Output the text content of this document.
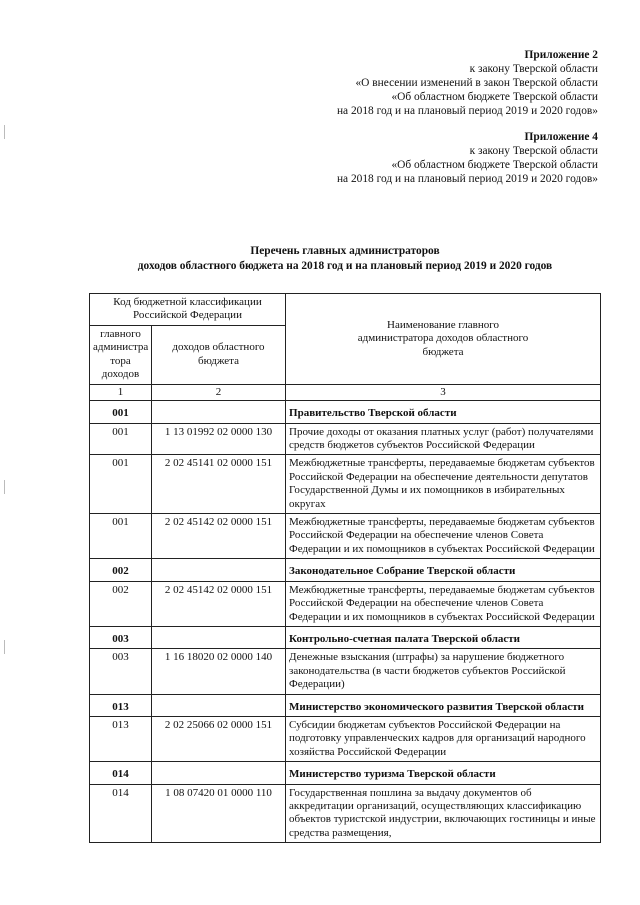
Приложение 2
к закону Тверской области
«О внесении изменений в закон Тверской области
«Об областном бюджете Тверской области
на 2018 год и на плановый период 2019 и 2020 годов»
Приложение 4
к закону Тверской области
«Об областном бюджете Тверской области
на 2018 год и на плановый период 2019 и 2020 годов»
Перечень главных администраторов
доходов областного бюджета на 2018 год и на плановый период 2019 и 2020 годов
Код бюджетной классификации Российской Федерации		Наименование главного администратора доходов областного бюджета

главного администра тора доходов	доходов областного бюджета	

1	2	3
001		Правительство Тверской области
001	1 13 01992 02 0000 130	Прочие доходы от оказания платных услуг (работ) получателями средств бюджетов субъектов Российской Федерации
001	2 02 45141 02 0000 151	Межбюджетные трансферты, передаваемые бюджетам субъектов Российской Федерации на обеспечение деятельности депутатов Государственной Думы и их помощников в избирательных округах
001	2 02 45142 02 0000 151	Межбюджетные трансферты, передаваемые бюджетам субъектов Российской Федерации на обеспечение членов Совета Федерации и их помощников в субъектах Российской Федерации
002		Законодательное Собрание Тверской области
002	2 02 45142 02 0000 151	Межбюджетные трансферты, передаваемые бюджетам субъектов Российской Федерации на обеспечение членов Совета Федерации и их помощников в субъектах Российской Федерации
003		Контрольно-счетная палата Тверской области
003	1 16 18020 02 0000 140	Денежные взыскания (штрафы) за нарушение бюджетного законодательства (в части бюджетов субъектов Российской Федерации)
013		Министерство экономического развития Тверской области
013	2 02 25066 02 0000 151	Субсидии бюджетам субъектов Российской Федерации на подготовку управленческих кадров для организаций народного хозяйства Российской Федерации
014		Министерство туризма Тверской области
014	1 08 07420 01 0000 110	Государственная пошлина за выдачу документов об аккредитации организаций, осуществляющих классификацию объектов туристской индустрии, включающих гостиницы и иные средства размещения,
